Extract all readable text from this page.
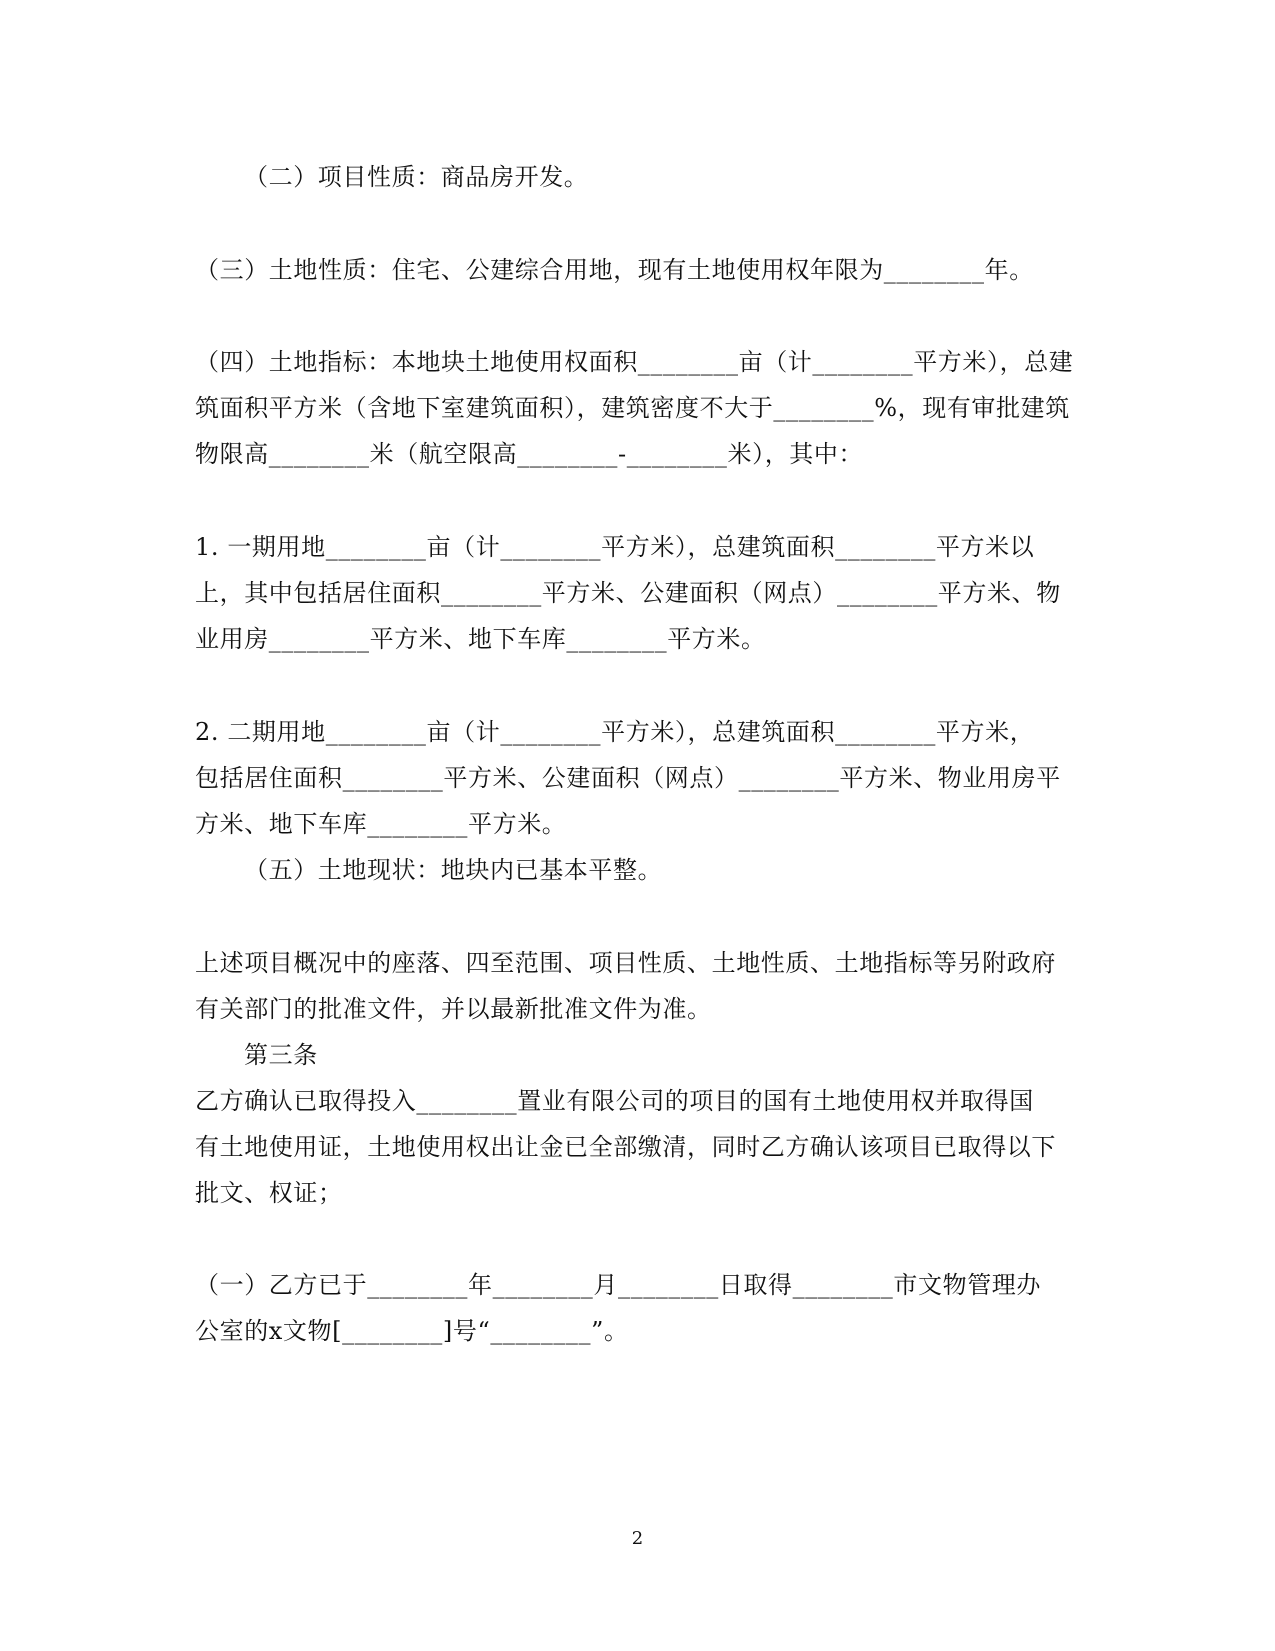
（二）项目性质：商品房开发。
（三）土地性质：住宅、公建综合用地，现有土地使用权年限为________年。
（四）土地指标：本地块土地使用权面积________亩（计________平方米），总建
筑面积平方米（含地下室建筑面积），建筑密度不大于________%，现有审批建筑
物限高________米（航空限高________-________米），其中：
1. 一期用地________亩（计________平方米），总建筑面积________平方米以
上，其中包括居住面积________平方米、公建面积（网点）________平方米、物
业用房________平方米、地下车库________平方米。
2. 二期用地________亩（计________平方米），总建筑面积________平方米，
包括居住面积________平方米、公建面积（网点）________平方米、物业用房平
方米、地下车库________平方米。
（五）土地现状：地块内已基本平整。
上述项目概况中的座落、四至范围、项目性质、土地性质、土地指标等另附政府
有关部门的批准文件，并以最新批准文件为准。
第三条
乙方确认已取得投入________置业有限公司的项目的国有土地使用权并取得国
有土地使用证，土地使用权出让金已全部缴清，同时乙方确认该项目已取得以下
批文、权证；
（一）乙方已于________年________月________日取得________市文物管理办
公室的x文物[________]号“________”。
2
